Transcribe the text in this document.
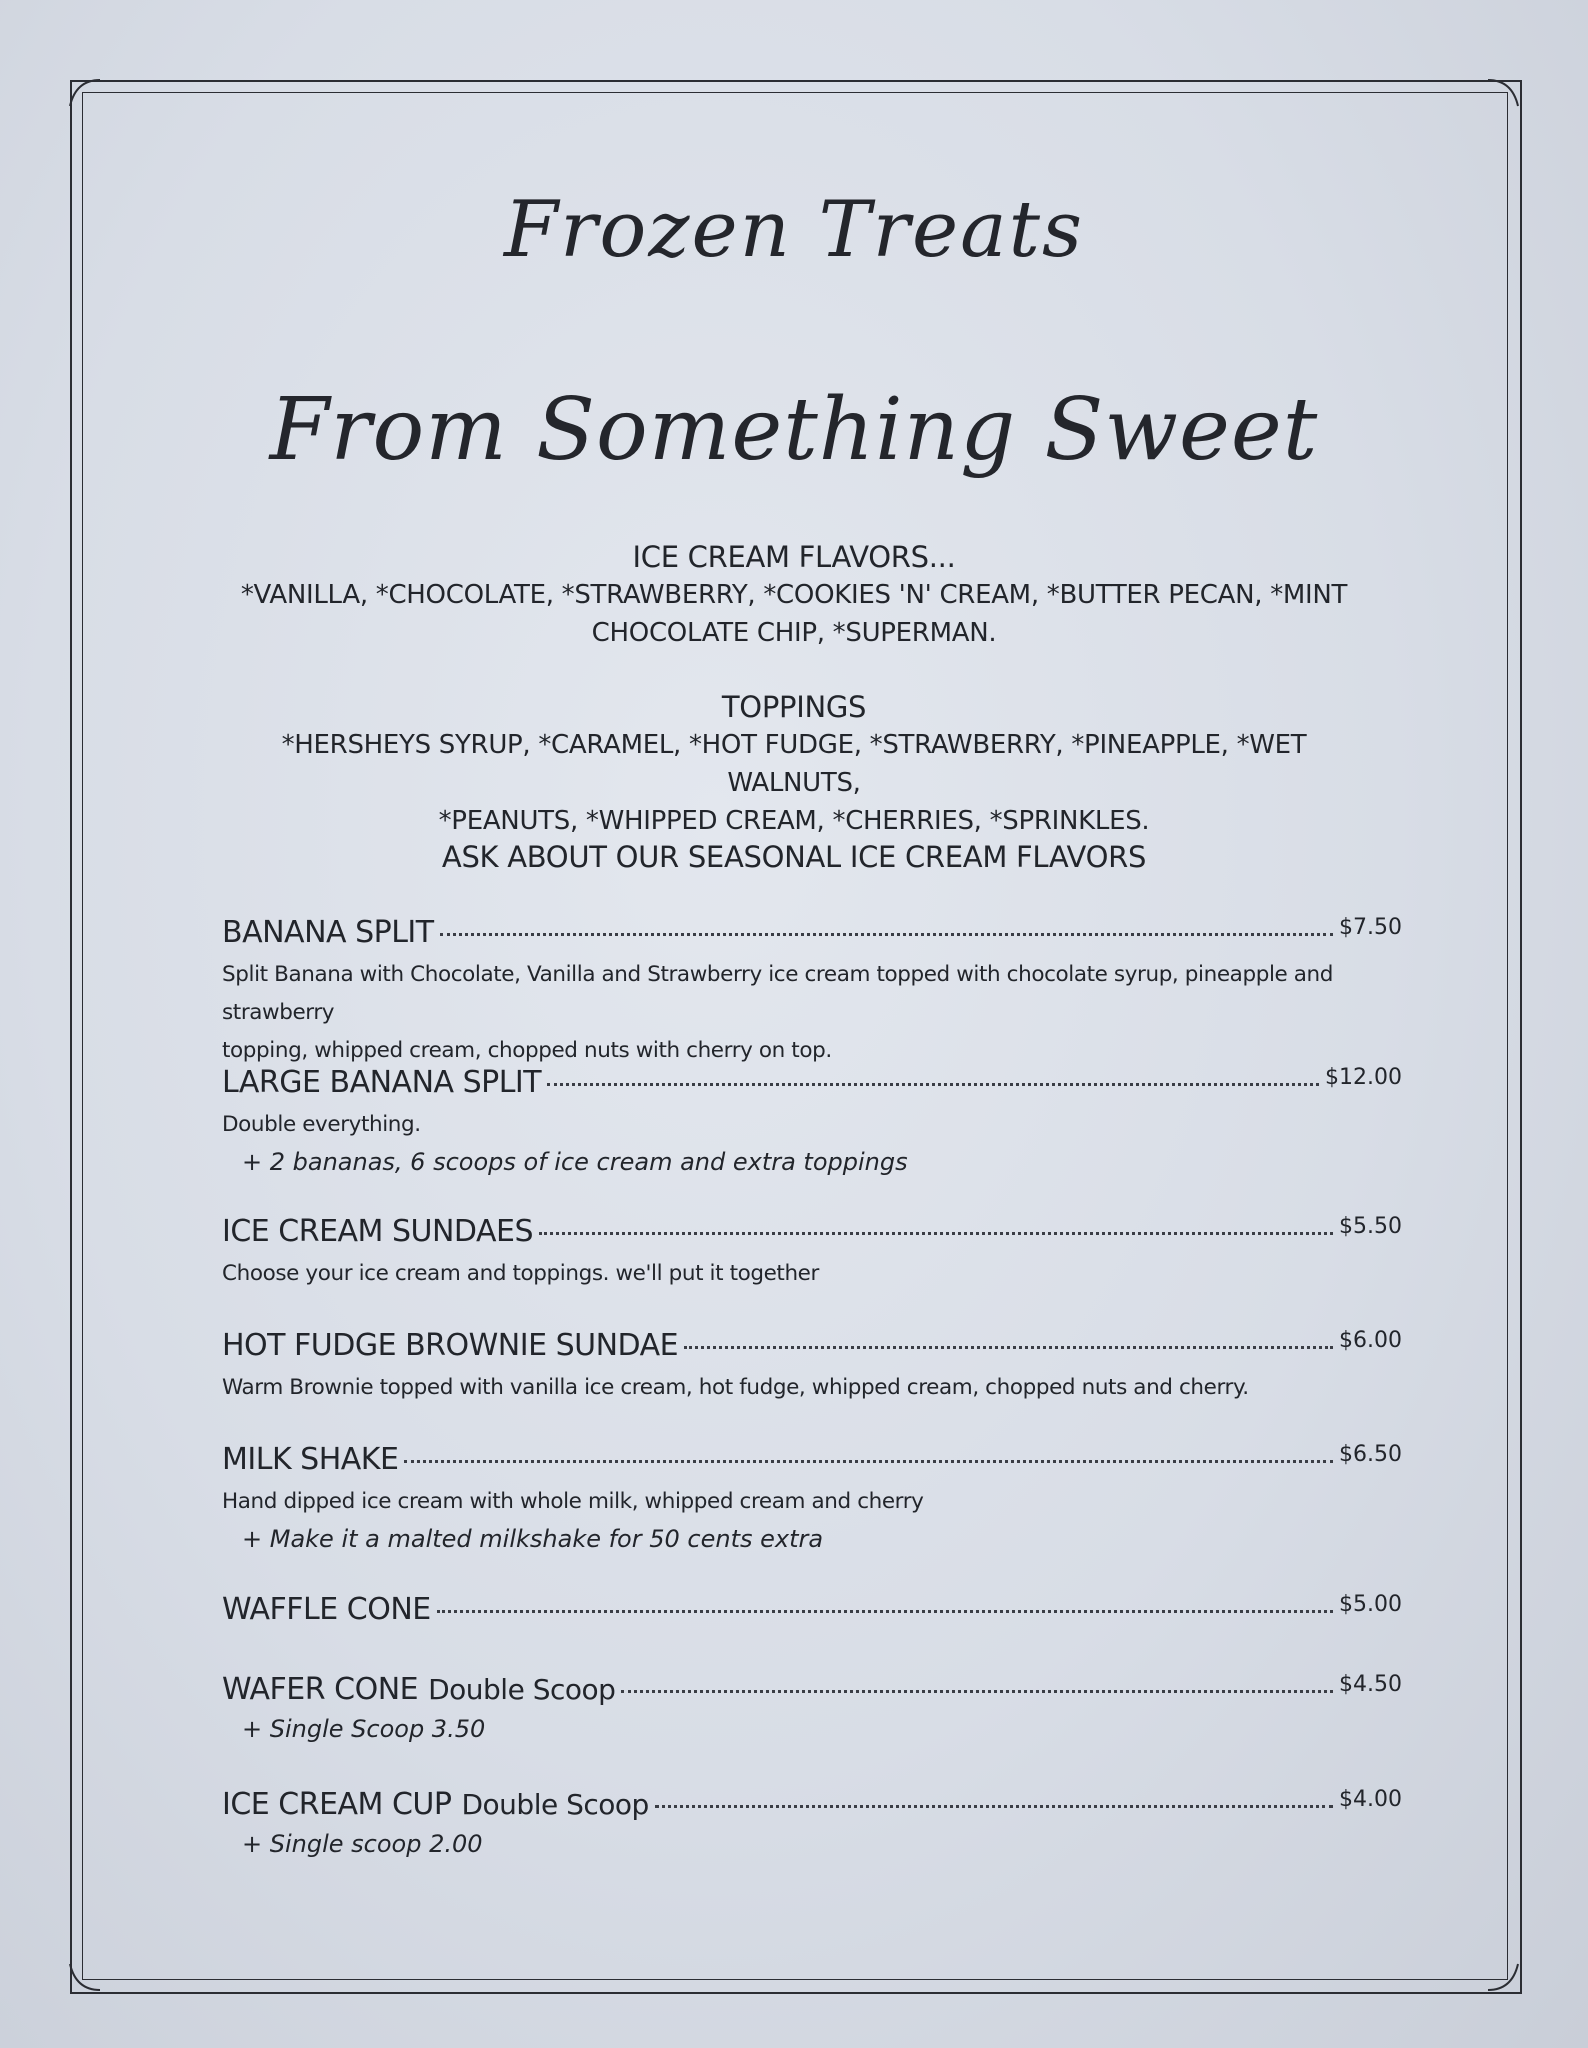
Frozen Treats
From Something Sweet
ICE CREAM FLAVORS...
*VANILLA, *CHOCOLATE, *STRAWBERRY, *COOKIES 'N' CREAM, *BUTTER PECAN, *MINT
CHOCOLATE CHIP, *SUPERMAN.
TOPPINGS
*HERSHEYS SYRUP, *CARAMEL, *HOT FUDGE, *STRAWBERRY, *PINEAPPLE, *WET WALNUTS,
*PEANUTS, *WHIPPED CREAM, *CHERRIES, *SPRINKLES.
ASK ABOUT OUR SEASONAL ICE CREAM FLAVORS
BANANA SPLIT	$7.50
Split Banana with Chocolate, Vanilla and Strawberry ice cream topped with chocolate syrup, pineapple and strawberry
topping, whipped cream, chopped nuts with cherry on top.
LARGE BANANA SPLIT	$12.00
Double everything.
+ 2 bananas, 6 scoops of ice cream and extra toppings
ICE CREAM SUNDAES	$5.50
Choose your ice cream and toppings. we'll put it together
HOT FUDGE BROWNIE SUNDAE	$6.00
Warm Brownie topped with vanilla ice cream, hot fudge, whipped cream, chopped nuts and cherry.
MILK SHAKE	$6.50
Hand dipped ice cream with whole milk, whipped cream and cherry
+ Make it a malted milkshake for 50 cents extra
WAFFLE CONE	$5.00
WAFER CONE Double Scoop	$4.50
+ Single Scoop 3.50
ICE CREAM CUP Double Scoop	$4.00
+ Single scoop 2.00
